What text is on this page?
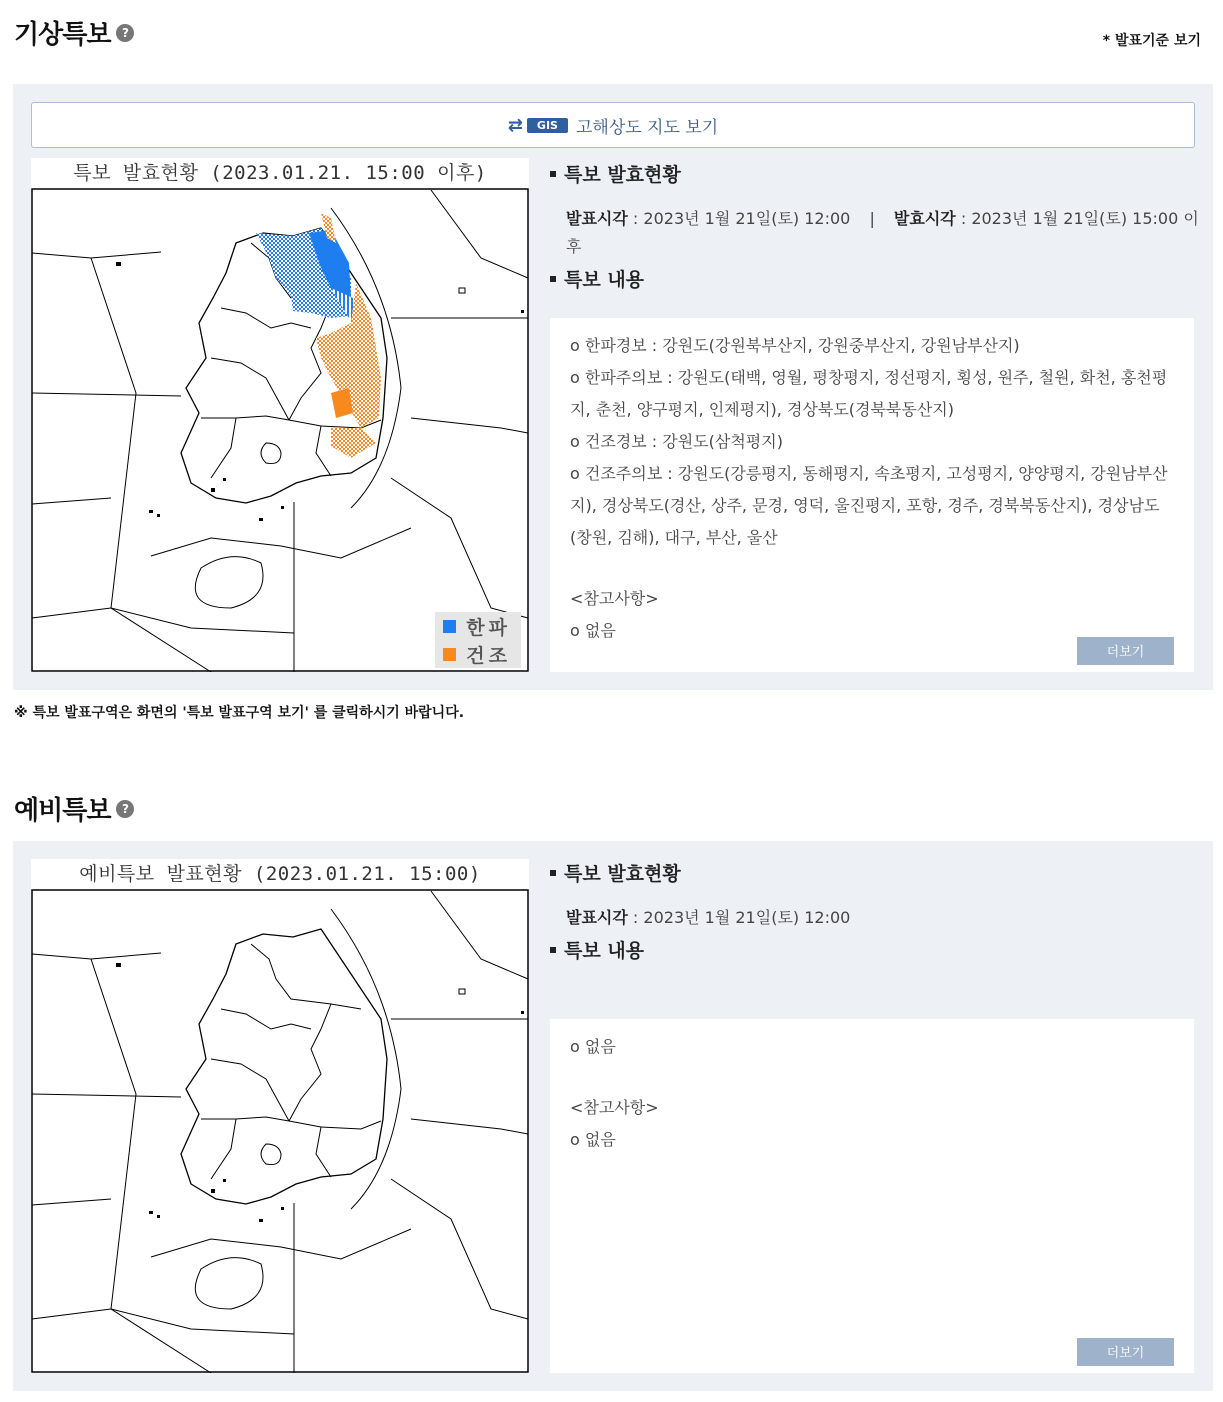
기상특보 ?
* 발표기준 보기
⇄	GIS	고해상도 지도 보기
특보 발효현황 (2023.01.21. 15:00 이후)
한파
건조
특보 발효현황
발표시각 : 2023년 1월 21일(토) 12:00 | 발효시각 : 2023년 1월 21일(토) 15:00 이후
특보 내용

o 한파경보 : 강원도(강원북부산지, 강원중부산지, 강원남부산지)

o 한파주의보 : 강원도(태백, 영월, 평창평지, 정선평지, 횡성, 원주, 철원, 화천, 홍천평지, 춘천, 양구평지, 인제평지), 경상북도(경북북동산지)

o 건조경보 : 강원도(삼척평지)

o 건조주의보 : 강원도(강릉평지, 동해평지, 속초평지, 고성평지, 양양평지, 강원남부산지), 경상북도(경산, 상주, 문경, 영덕, 울진평지, 포항, 경주, 경북북동산지), 경상남도(창원, 김해), 대구, 부산, 울산

<참고사항>

o 없음

더보기
※ 특보 발표구역은 화면의 '특보 발표구역 보기' 를 클릭하시기 바랍니다.
예비특보 ?
예비특보 발표현황 (2023.01.21. 15:00)	특보 발효현황
발표시각 : 2023년 1월 21일(토) 12:00
특보 내용

o 없음

<참고사항>

o 없음

더보기
